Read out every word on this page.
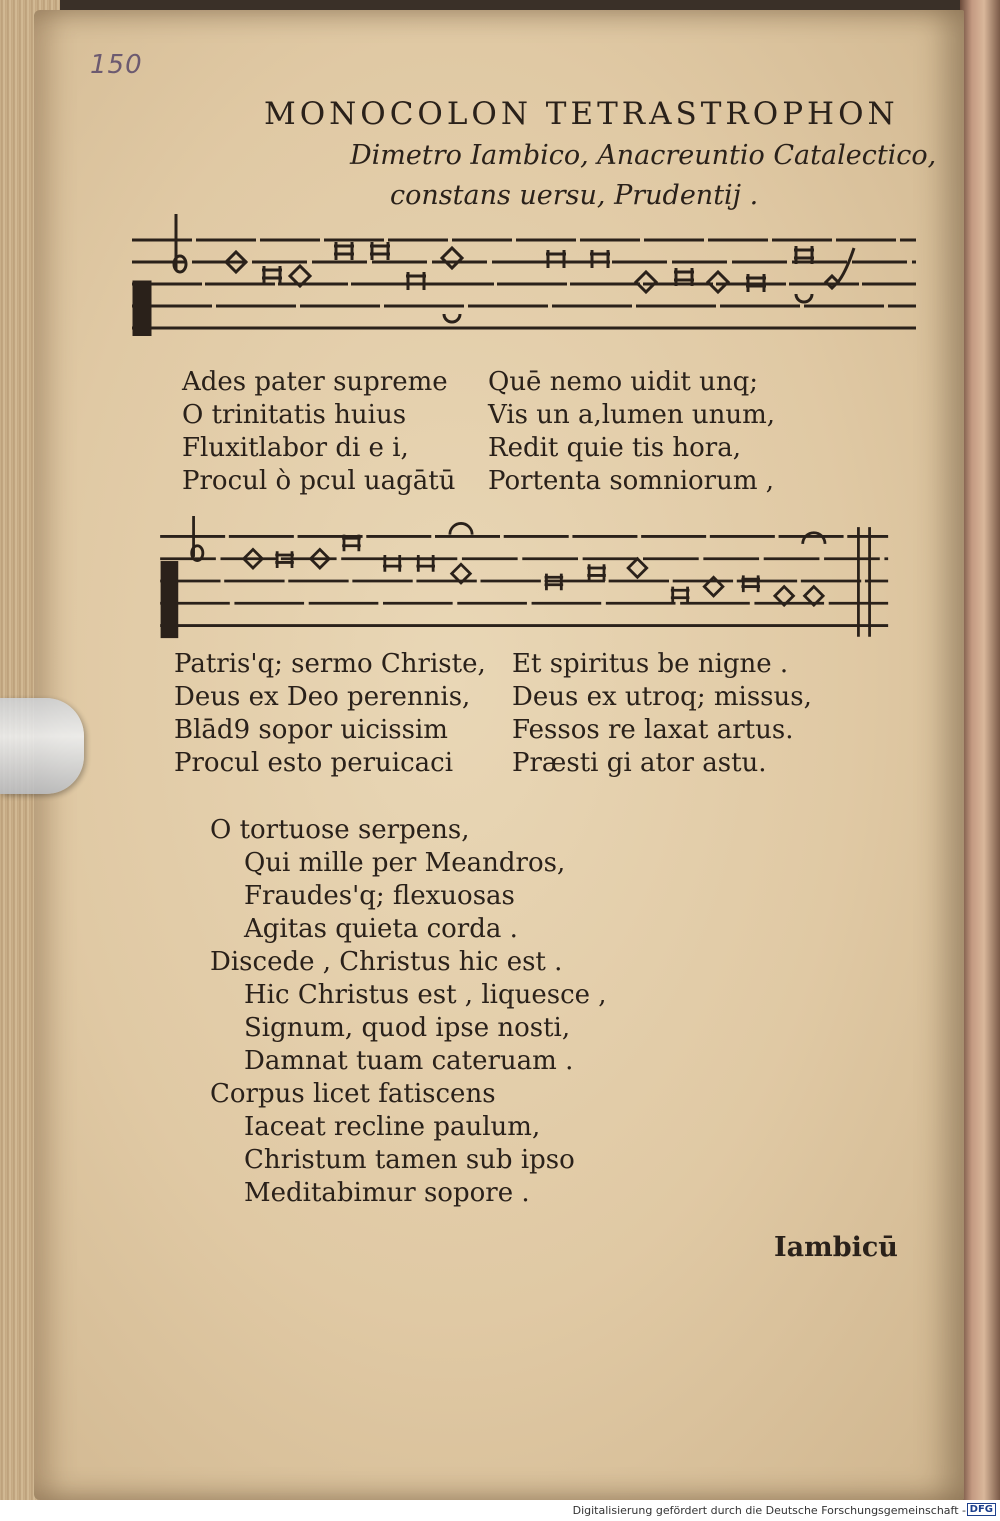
150
MONOCOLON TETRASTROPHON
Dimetro Iambico, Anacreuntio Catalectico,
constans uersu, Prudentij .
Ades pater supreme
O trinitatis huius
Fluxitlabor di e i,
Procul ò pcul uagātū
Quē nemo uidit unq;
Vis un a,lumen unum,
Redit quie tis hora,
Portenta somniorum ,
Patris'q; sermo Christe,
Deus ex Deo perennis,
Blād9 sopor uicissim
Procul esto peruicaci
Et spiritus be nigne .
Deus ex utroq; missus,
Fessos re laxat artus.
Præsti gi ator astu.
O tortuose serpens,
Qui mille per Meandros,
Fraudes'q; flexuosas
Agitas quieta corda .
Discede , Christus hic est .
Hic Christus est , liquesce ,
Signum, quod ipse nosti,
Damnat tuam cateruam .
Corpus licet fatiscens
Iaceat recline paulum,
Christum tamen sub ipso
Meditabimur sopore .
Iambicū
Digitalisierung gefördert durch die Deutsche Forschungsgemeinschaft - DFG
